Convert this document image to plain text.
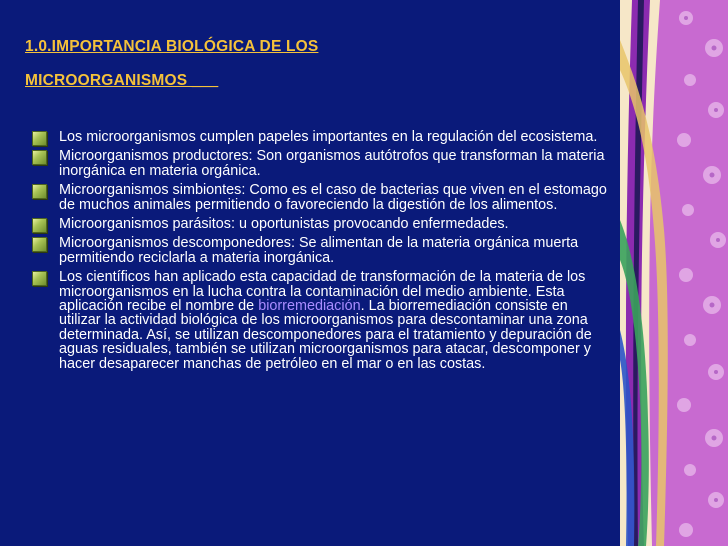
1.0.IMPORTANCIA BIOLÓGICA DE LOS
MICROORGANISMOS ___
Los microorganismos cumplen papeles importantes en la regulación del ecosistema.
Microorganismos productores: Son organismos autótrofos que transforman la materia inorgánica en materia orgánica.
Microorganismos simbiontes: Como es el caso de bacterias que viven en el estomago de muchos animales permitiendo o favoreciendo la digestión de los alimentos.
Microorganismos parásitos: u oportunistas provocando enfermedades.
Microorganismos descomponedores: Se alimentan de la materia orgánica muerta permitiendo reciclarla a materia inorgánica.
Los científicos han aplicado esta capacidad de transformación de la materia de los microorganismos en la lucha contra la contaminación del medio ambiente. Esta aplicación recibe el nombre de biorremediación. La biorremediación consiste en utilizar la actividad biológica de los microorganismos para descontaminar una zona determinada. Así, se utilizan descomponedores para el tratamiento y depuración de aguas residuales, también se utilizan microorganismos para atacar, descomponer y hacer desaparecer manchas de petróleo en el mar o en las costas.
